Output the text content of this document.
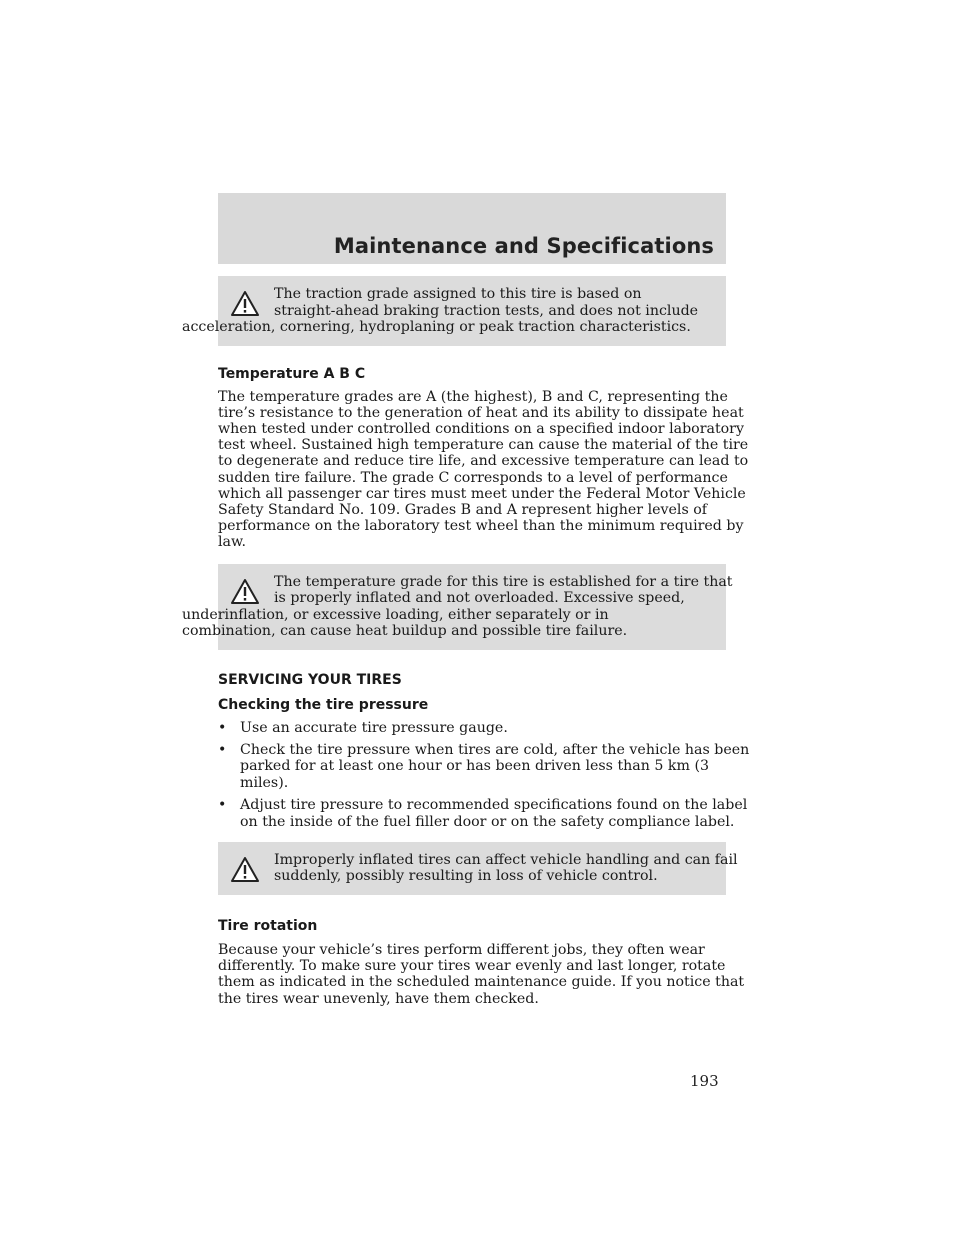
Maintenance and Specifications
The traction grade assigned to this tire is based on
straight-ahead braking traction tests, and does not include
acceleration, cornering, hydroplaning or peak traction characteristics.
Temperature A B C
The temperature grades are A (the highest), B and C, representing the
tire’s resistance to the generation of heat and its ability to dissipate heat
when tested under controlled conditions on a specified indoor laboratory
test wheel. Sustained high temperature can cause the material of the tire
to degenerate and reduce tire life, and excessive temperature can lead to
sudden tire failure. The grade C corresponds to a level of performance
which all passenger car tires must meet under the Federal Motor Vehicle
Safety Standard No. 109. Grades B and A represent higher levels of
performance on the laboratory test wheel than the minimum required by
law.
The temperature grade for this tire is established for a tire that
is properly inflated and not overloaded. Excessive speed,
underinflation, or excessive loading, either separately or in
combination, can cause heat buildup and possible tire failure.
SERVICING YOUR TIRES
Checking the tire pressure
• Use an accurate tire pressure gauge.
• Check the tire pressure when tires are cold, after the vehicle has been
parked for at least one hour or has been driven less than 5 km (3
miles).
• Adjust tire pressure to recommended specifications found on the label
on the inside of the fuel filler door or on the safety compliance label.
Improperly inflated tires can affect vehicle handling and can fail
suddenly, possibly resulting in loss of vehicle control.
Tire rotation
Because your vehicle’s tires perform different jobs, they often wear
differently. To make sure your tires wear evenly and last longer, rotate
them as indicated in the scheduled maintenance guide. If you notice that
the tires wear unevenly, have them checked.
193
